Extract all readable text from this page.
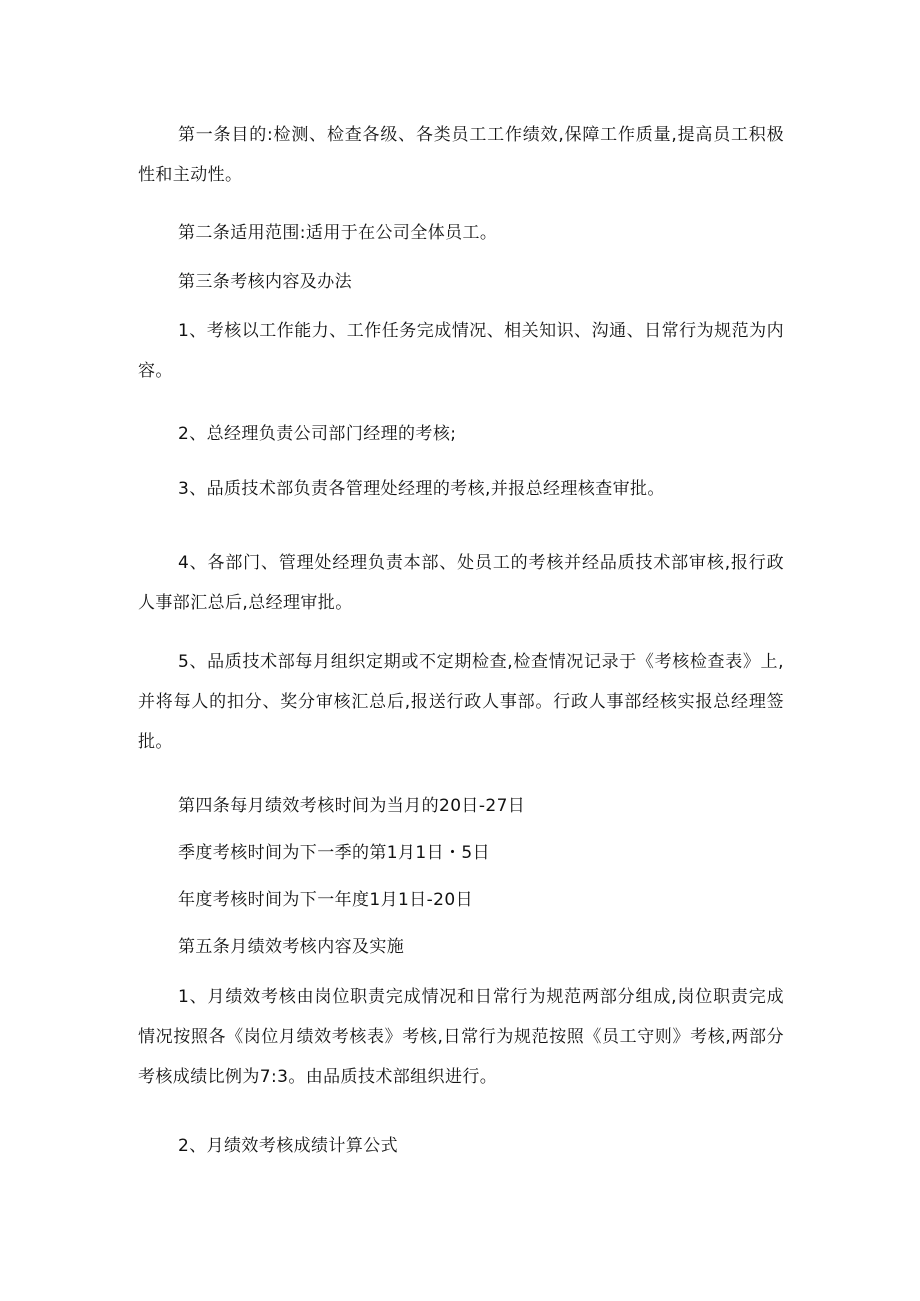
第一条目的:检测、检查各级、各类员工工作绩效,保障工作质量,提高员工积极性和主动性。

第二条适用范围:适用于在公司全体员工。

第三条考核内容及办法

1、考核以工作能力、工作任务完成情况、相关知识、沟通、日常行为规范为内容。

2、总经理负责公司部门经理的考核;

3、品质技术部负责各管理处经理的考核,并报总经理核查审批。

4、各部门、管理处经理负责本部、处员工的考核并经品质技术部审核,报行政人事部汇总后,总经理审批。

5、品质技术部每月组织定期或不定期检查,检查情况记录于《考核检查表》上,并将每人的扣分、奖分审核汇总后,报送行政人事部。行政人事部经核实报总经理签批。

第四条每月绩效考核时间为当月的20日-27日

季度考核时间为下一季的第1月1日・5日

年度考核时间为下一年度1月1日-20日

第五条月绩效考核内容及实施

1、月绩效考核由岗位职责完成情况和日常行为规范两部分组成,岗位职责完成情况按照各《岗位月绩效考核表》考核,日常行为规范按照《员工守则》考核,两部分考核成绩比例为7:3。由品质技术部组织进行。

2、月绩效考核成绩计算公式
